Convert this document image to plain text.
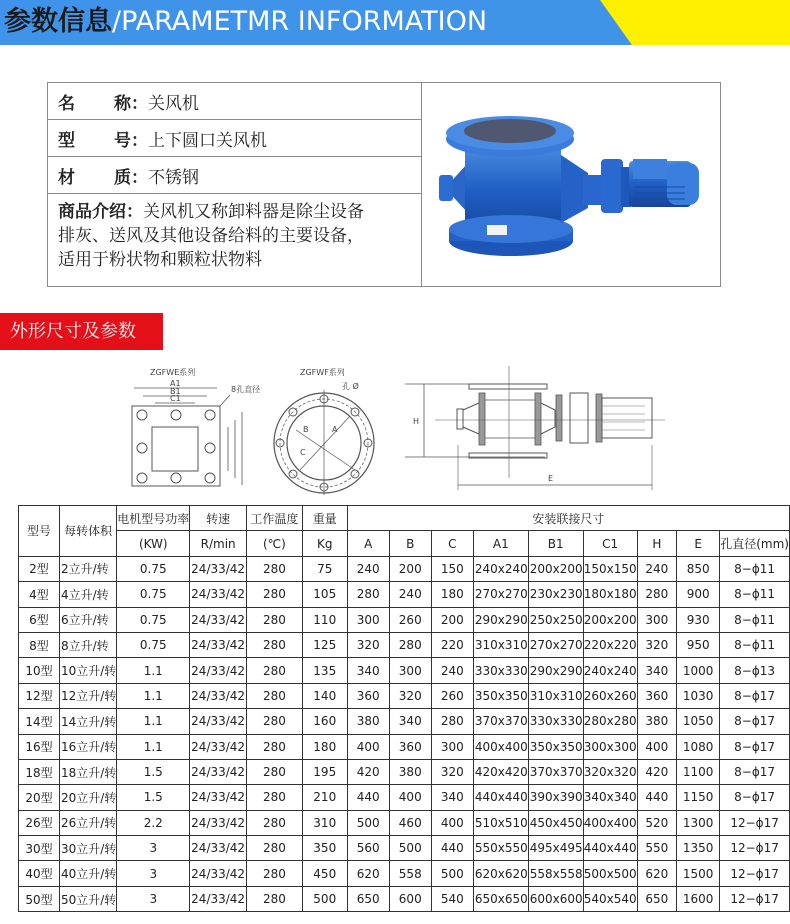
参数信息/PARAMETMR INFORMATION
名	称： 关风机
型	号： 上下圆口关风机
材	质： 不锈钢
商品介绍：关风机又称卸料器是除尘设备
排灰、送风及其他设备给料的主要设备，
适用于粉状物和颗粒状物料
外形尺寸及参数
ZGFWE系列
A1
B1
C1
8孔直径
ZGFWF系列
孔 Ø
B	A
C
H
E
型号	每转体积	电机型号功率	转速	工作温度	重量	安装联接尺寸								
		(KW)	R/min	(℃)	Kg	A	B	C	A1	B1	C1	H	E	孔直径(mm)
2型	2立升/转	0.75	24/33/42	280	75	240	200	150	240x240	200x200	150x150	240	850	8−ϕ11
4型	4立升/转	0.75	24/33/42	280	105	280	240	180	270x270	230x230	180x180	280	900	8−ϕ11
6型	6立升/转	0.75	24/33/42	280	110	300	260	200	290x290	250x250	200x200	300	930	8−ϕ11
8型	8立升/转	0.75	24/33/42	280	125	320	280	220	310x310	270x270	220x220	320	950	8−ϕ11
10型	10立升/转	1.1	24/33/42	280	135	340	300	240	330x330	290x290	240x240	340	1000	8−ϕ13
12型	12立升/转	1.1	24/33/42	280	140	360	320	260	350x350	310x310	260x260	360	1030	8−ϕ17
14型	14立升/转	1.1	24/33/42	280	160	380	340	280	370x370	330x330	280x280	380	1050	8−ϕ17
16型	16立升/转	1.1	24/33/42	280	180	400	360	300	400x400	350x350	300x300	400	1080	8−ϕ17
18型	18立升/转	1.5	24/33/42	280	195	420	380	320	420x420	370x370	320x320	420	1100	8−ϕ17
20型	20立升/转	1.5	24/33/42	280	210	440	400	340	440x440	390x390	340x340	440	1150	8−ϕ17
26型	26立升/转	2.2	24/33/42	280	310	500	460	400	510x510	450x450	400x400	520	1300	12−ϕ17
30型	30立升/转	3	24/33/42	280	350	560	500	440	550x550	495x495	440x440	550	1350	12−ϕ17
40型	40立升/转	3	24/33/42	280	450	620	558	500	620x620	558x558	500x500	620	1500	12−ϕ17
50型	50立升/转	3	24/33/42	280	500	650	600	540	650x650	600x600	540x540	650	1600	12−ϕ17
